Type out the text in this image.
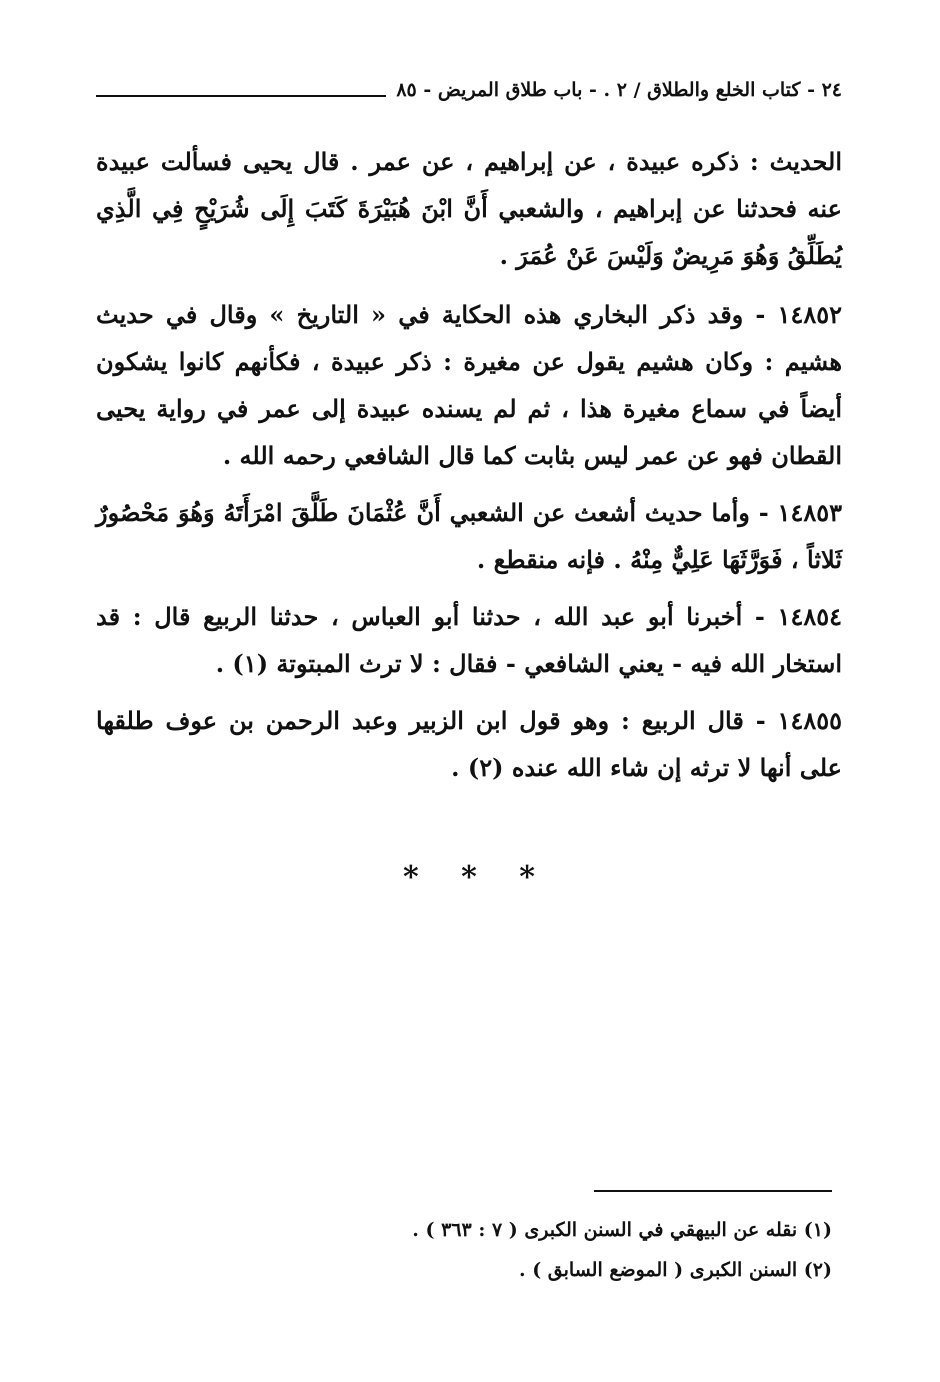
٢٤ - كتاب الخلع والطلاق / ٢ . - باب طلاق المريض - ٨٥

الحديث : ذكره عبيدة ، عن إبراهيم ، عن عمر . قال يحيى فسألت عبيدة عنه فحدثنا عن إبراهيم ، والشعبي أَنَّ ابْنَ هُبَيْرَةَ كَتَبَ إِلَى شُرَيْحٍ فِي الَّذِي يُطَلِّقُ وَهُوَ مَرِيضٌ وَلَيْسَ عَنْ عُمَرَ .

١٤٨٥٢ - وقد ذكر البخاري هذه الحكاية في « التاريخ » وقال في حديث هشيم : وكان هشيم يقول عن مغيرة : ذكر عبيدة ، فكأنهم كانوا يشكون أيضاً في سماع مغيرة هذا ، ثم لم يسنده عبيدة إلى عمر في رواية يحيى القطان فهو عن عمر ليس بثابت كما قال الشافعي رحمه الله .

١٤٨٥٣ - وأما حديث أشعث عن الشعبي أَنَّ عُثْمَانَ طَلَّقَ امْرَأَتَهُ وَهُوَ مَحْصُورٌ ثَلاثاً ، فَوَرَّثَهَا عَلِيٌّ مِنْهُ . فإنه منقطع .

١٤٨٥٤ - أخبرنا أبو عبد الله ، حدثنا أبو العباس ، حدثنا الربيع قال : قد استخار الله فيه - يعني الشافعي - فقال : لا ترث المبتوتة (١) .

١٤٨٥٥ - قال الربيع : وهو قول ابن الزبير وعبد الرحمن بن عوف طلقها على أنها لا ترثه إن شاء الله عنده (٢) .

* * *

(١) نقله عن البيهقي في السنن الكبرى ( ٧ : ٣٦٣ ) .

(٢) السنن الكبرى ( الموضع السابق ) .
